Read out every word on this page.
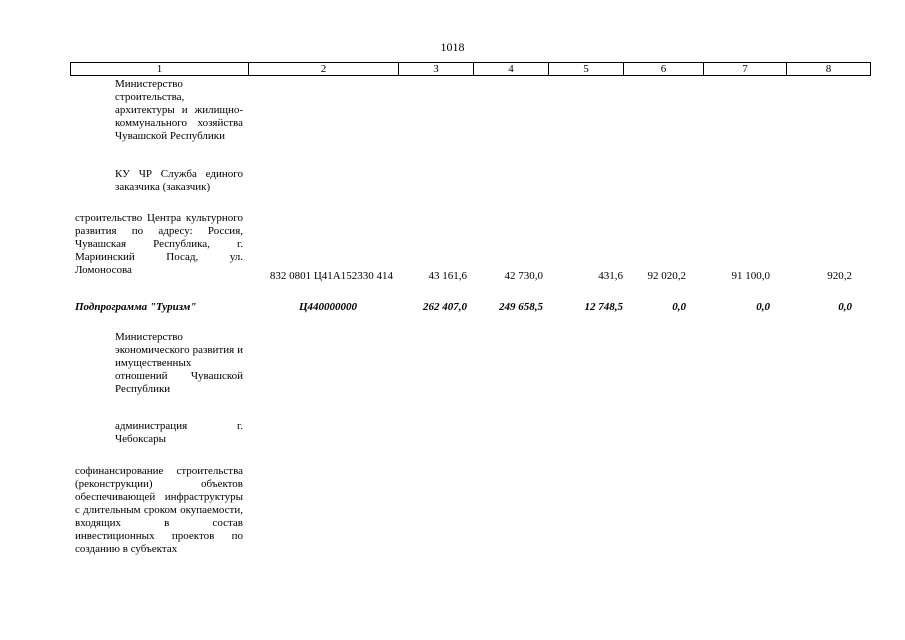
1018
1	2	3	4	5	6	7	8
Министерство строительства, архитектуры и жилищно-коммунального хозяйства Чувашской Республики
КУ ЧР Служба единого заказчика (заказчик)
строительство Центра культурного развития по адресу: Россия, Чувашская Республика, г. Мариинский Посад, ул. Ломоносова	832 0801 Ц41А152330 414	43 161,6	42 730,0	431,6	92 020,2	91 100,0	920,2
Подпрограмма "Туризм"	Ц440000000	262 407,0	249 658,5	12 748,5	0,0	0,0	0,0
Министерство экономического развития и имущественных отношений Чувашской Республики
администрация г. Чебоксары
софинансирование строительства (реконструкции) объектов обеспечивающей инфраструктуры с длительным сроком окупаемости, входящих в состав инвестиционных проектов по созданию в субъектах
